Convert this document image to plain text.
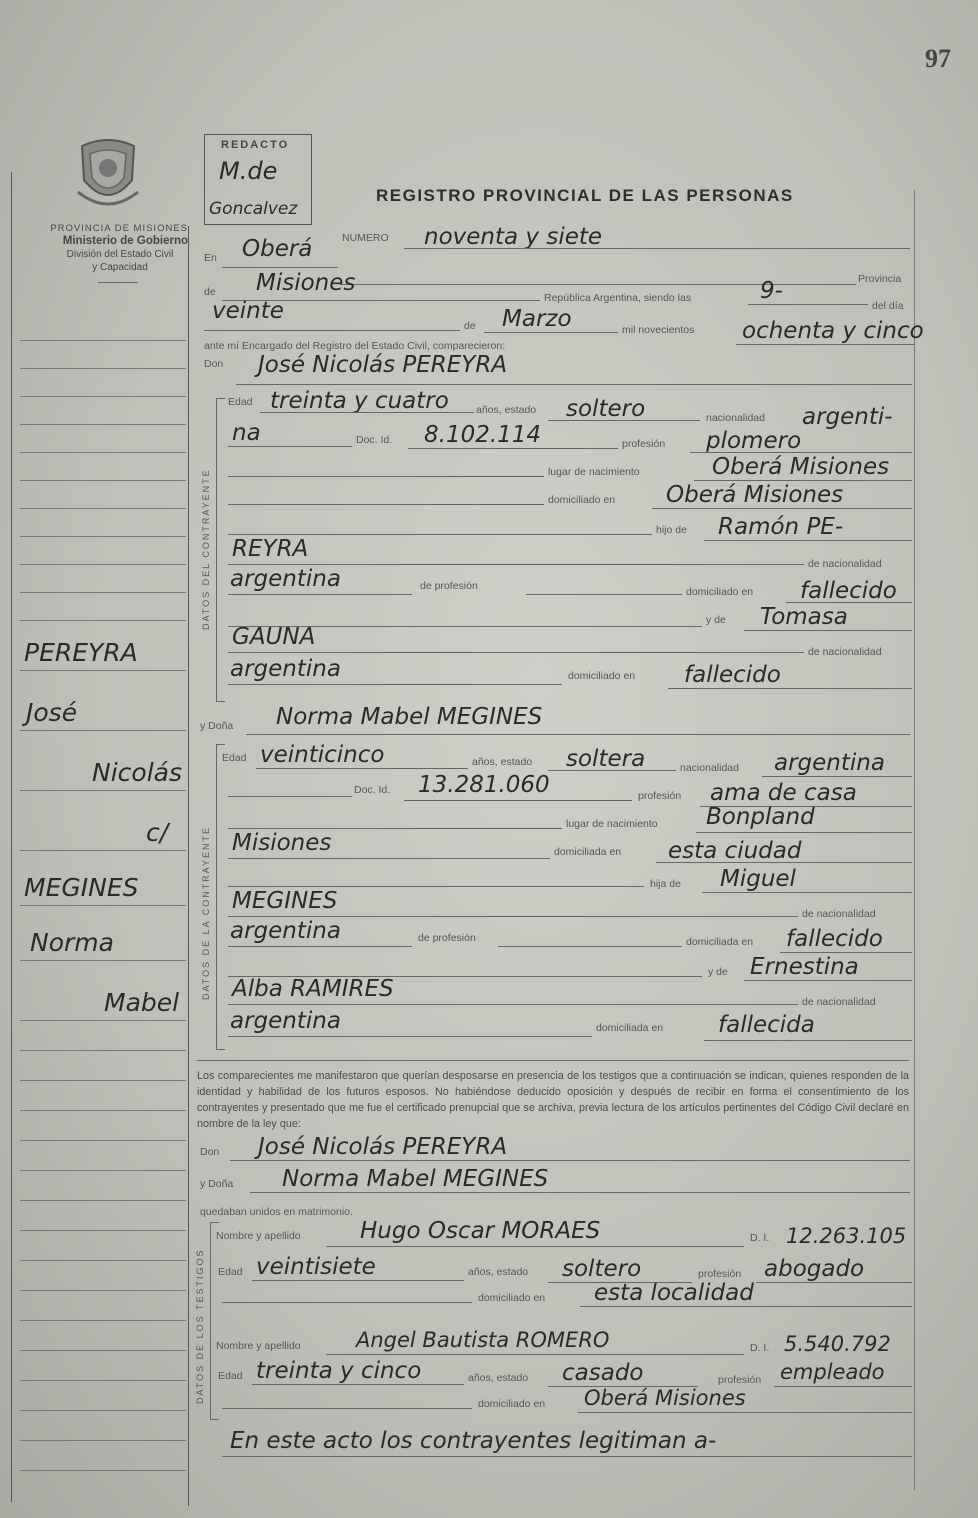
97
PROVINCIA DE MISIONES
Ministerio de Gobierno
División del Estado Civil
y Capacidad
PEREYRA
José
Nicolás
c/
MEGINES
Norma
Mabel
REDACTO
M.de
Goncalvez
REGISTRO PROVINCIAL DE LAS PERSONAS
En Oberá	NUMERO noventa y siete
Provincia
de Misiones
República Argentina, siendo las	9-
del día
veinte
de Marzo	mil novecientos ochenta y cinco
ante mí Encargado del Registro del Estado Civil, comparecieron:
Don José Nicolás PEREYRA
DATOS DEL CONTRAYENTE
Edad treinta y cuatro	años, estado soltero	nacionalidad argenti-
na	Doc. Id. 8.102.114	profesión plomero
lugar de nacimiento	Oberá Misiones
domiciliado en Oberá Misiones
hijo de Ramón PE-
REYRA
de nacionalidad
argentina	de profesión	domiciliado en fallecido
y de Tomasa
GAUNA
de nacionalidad
argentina	domiciliado en fallecido
y Doña Norma Mabel MEGINES
DATOS DE LA CONTRAYENTE
Edad veinticinco	años, estado soltera	nacionalidad argentina
Doc. Id. 13.281.060	profesión ama de casa
lugar de nacimiento Bonpland
Misiones	domiciliada en esta ciudad
hija de Miguel
MEGINES	de nacionalidad
argentina	de profesión	domiciliada en fallecido
y de Ernestina
Alba RAMIRES	de nacionalidad
argentina	domiciliada en fallecida
Los comparecientes me manifestaron que querían desposarse en presencia de los testigos que a continuación se indican, quienes responden de la identidad y habilidad de los futuros esposos. No habiéndose deducido oposición y después de recibir en forma el consentimiento de los contrayentes y presentado que me fue el certificado prenupcial que se archiva, previa lectura de los artículos pertinentes del Código Civil declaré en nombre de la ley que:
Don José Nicolás PEREYRA
y Doña Norma Mabel MEGINES
quedaban unidos en matrimonio.
DATOS DE LOS TESTIGOS
Nombre y apellido	Hugo Oscar MORAES	D. I. 12.263.105
Edad veintisiete	años, estado soltero	profesión abogado
domiciliado en esta localidad
Nombre y apellido	Angel Bautista ROMERO	D. I. 5.540.792
Edad treinta y cinco	años, estado casado	profesión empleado
domiciliado en Oberá Misiones
En este acto los contrayentes legitiman a-
